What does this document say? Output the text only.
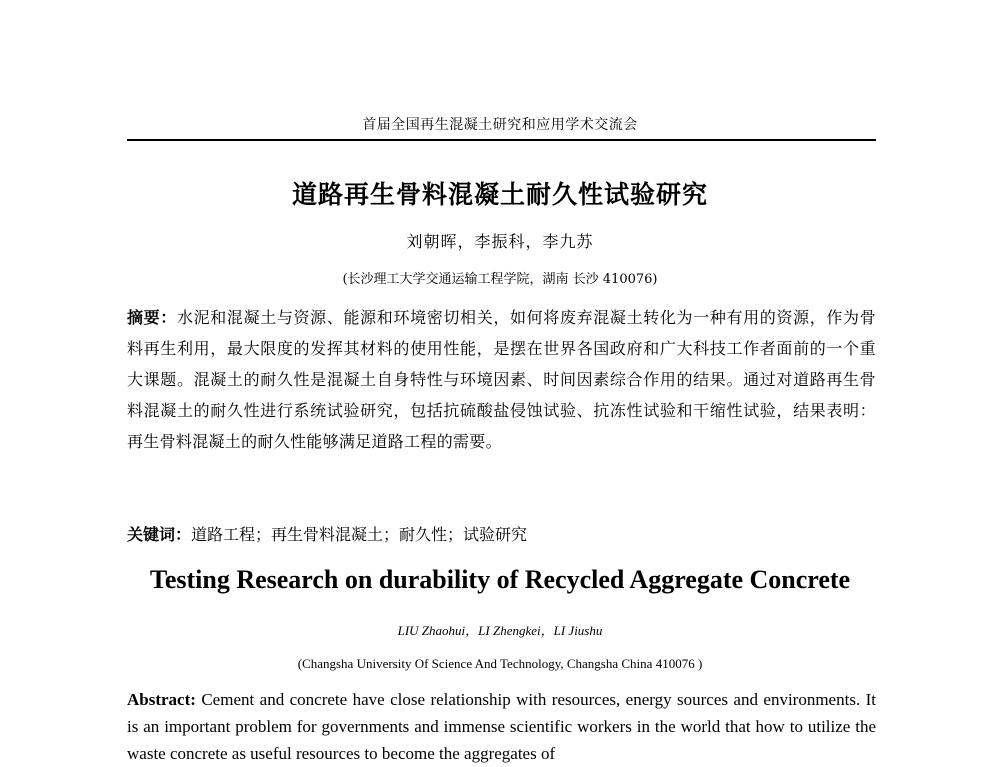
首届全国再生混凝土研究和应用学术交流会
道路再生骨料混凝土耐久性试验研究
刘朝晖，李振科，李九苏
(长沙理工大学交通运输工程学院，湖南 长沙 410076)
摘要：水泥和混凝土与资源、能源和环境密切相关，如何将废弃混凝土转化为一种有用的资源，作为骨料再生利用，最大限度的发挥其材料的使用性能，是摆在世界各国政府和广大科技工作者面前的一个重大课题。混凝土的耐久性是混凝土自身特性与环境因素、时间因素综合作用的结果。通过对道路再生骨料混凝土的耐久性进行系统试验研究，包括抗硫酸盐侵蚀试验、抗冻性试验和干缩性试验，结果表明：再生骨料混凝土的耐久性能够满足道路工程的需要。
关键词：道路工程；再生骨料混凝土；耐久性；试验研究
Testing Research on durability of Recycled Aggregate Concrete
LIU Zhaohui，LI Zhengkei，LI Jiushu
(Changsha University Of Science And Technology, Changsha China 410076 )
Abstract: Cement and concrete have close relationship with resources, energy sources and environments. It is an important problem for governments and immense scientific workers in the world that how to utilize the waste concrete as useful resources to become the aggregates of
